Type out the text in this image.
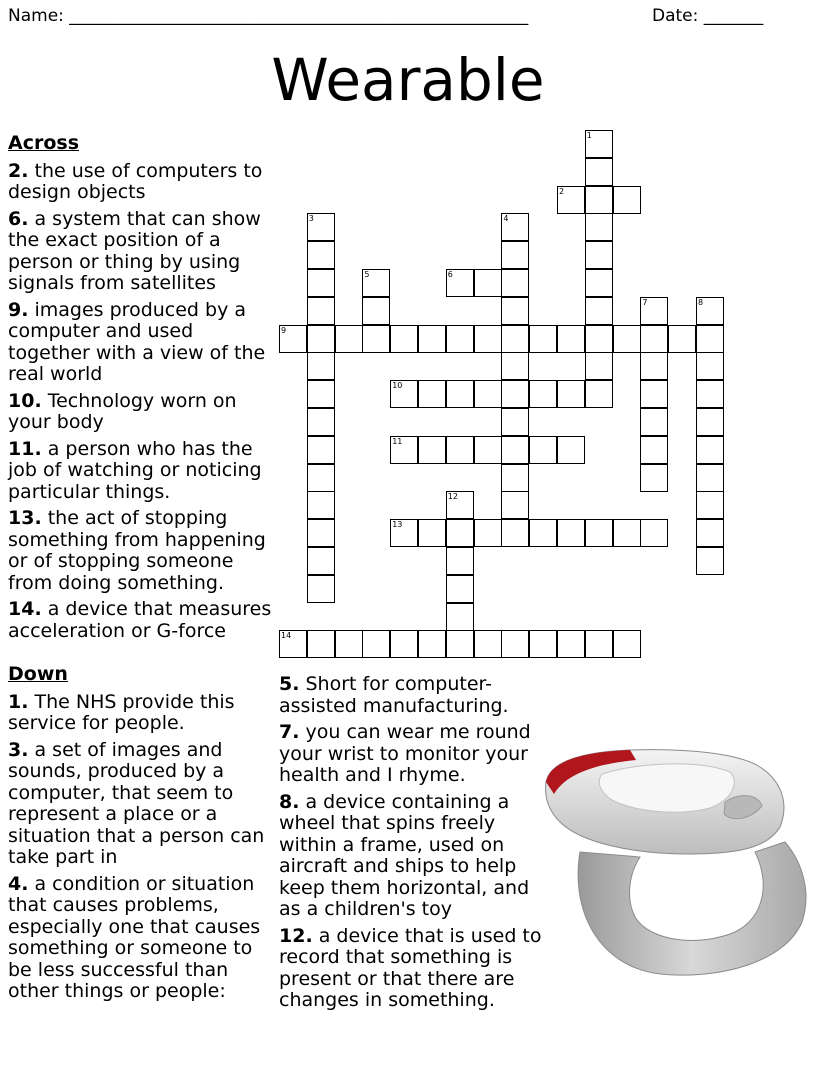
Name: ______________________________________________________	Date: _______
Wearable
Across
2. the use of computers to design objects
6. a system that can show the exact position of a person or thing by using signals from satellites
9. images produced by a computer and used together with a view of the real world
10. Technology worn on your body
11. a person who has the job of watching or noticing particular things.
13. the act of stopping something from happening or of stopping someone from doing something.
14. a device that measures acceleration or G-force
Down
1. The NHS provide this service for people.
3. a set of images and sounds, produced by a computer, that seem to represent a place or a situation that a person can take part in
4. a condition or situation that causes problems, especially one that causes something or someone to be less successful than other things or people:
5. Short for computer-assisted manufacturing.
7. you can wear me round your wrist to monitor your health and I rhyme.
8. a device containing a wheel that spins freely within a frame, used on aircraft and ships to help keep them horizontal, and as a children's toy
12. a device that is used to record that something is present or that there are changes in something.
1
2
3	4
5	6
7	8
9
10
11
12
13
14
